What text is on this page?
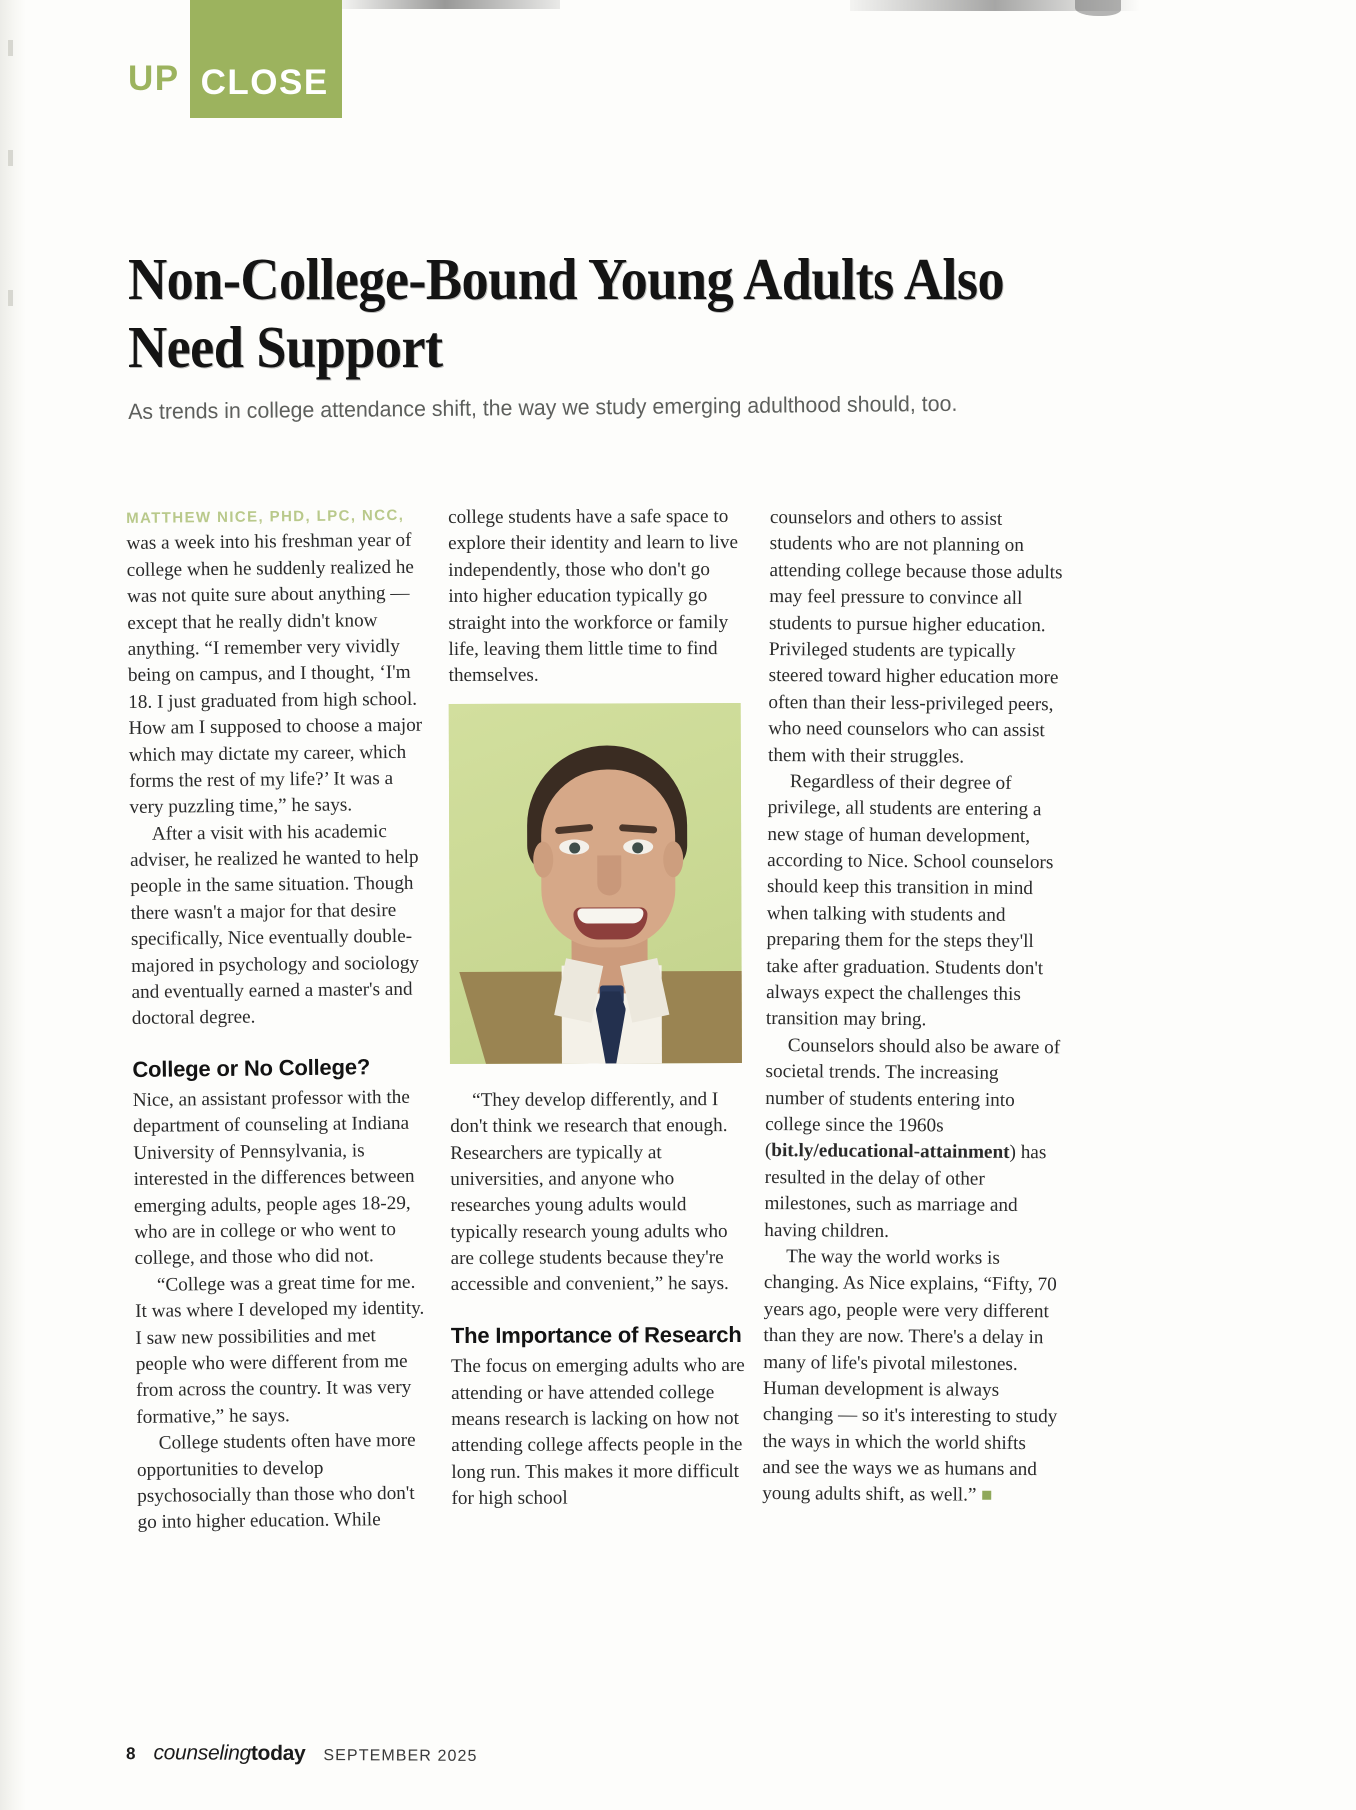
UP CLOSE
Non-College-Bound Young Adults Also Need Support
As trends in college attendance shift, the way we study emerging adulthood should, too.

MATTHEW NICE, PHD, LPC, NCC, was a week into his freshman year of college when he suddenly realized he was not quite sure about anything — except that he really didn't know anything. “I remember very vividly being on campus, and I thought, ‘I'm 18. I just graduated from high school. How am I supposed to choose a major which may dictate my career, which forms the rest of my life?’ It was a very puzzling time,” he says.

After a visit with his academic adviser, he realized he wanted to help people in the same situation. Though there wasn't a major for that desire specifically, Nice eventually double-majored in psychology and sociology and eventually earned a master's and doctoral degree.

College or No College?

Nice, an assistant professor with the department of counseling at Indiana University of Pennsylvania, is interested in the differences between emerging adults, people ages 18-29, who are in college or who went to college, and those who did not.

“College was a great time for me. It was where I developed my identity. I saw new possibilities and met people who were different from me from across the country. It was very formative,” he says.

College students often have more opportunities to develop psychosocially than those who don't go into higher education. While

college students have a safe space to explore their identity and learn to live independently, those who don't go into higher education typically go straight into the workforce or family life, leaving them little time to find themselves.

“They develop differently, and I don't think we research that enough. Researchers are typically at universities, and anyone who researches young adults would typically research young adults who are college students because they're accessible and convenient,” he says.

The Importance of Research

The focus on emerging adults who are attending or have attended college means research is lacking on how not attending college affects people in the long run. This makes it more difficult for high school

counselors and others to assist students who are not planning on attending college because those adults may feel pressure to convince all students to pursue higher education. Privileged students are typically steered toward higher education more often than their less-privileged peers, who need counselors who can assist them with their struggles.

Regardless of their degree of privilege, all students are entering a new stage of human development, according to Nice. School counselors should keep this transition in mind when talking with students and preparing them for the steps they'll take after graduation. Students don't always expect the challenges this transition may bring.

Counselors should also be aware of societal trends. The increasing number of students entering into college since the 1960s (bit.ly/educational-attainment) has resulted in the delay of other milestones, such as marriage and having children.

The way the world works is changing. As Nice explains, “Fifty, 70 years ago, people were very different than they are now. There's a delay in many of life's pivotal milestones. Human development is always changing — so it's interesting to study the ways in which the world shifts and see the ways we as humans and young adults shift, as well.”

8 counselingtoday SEPTEMBER 2025
